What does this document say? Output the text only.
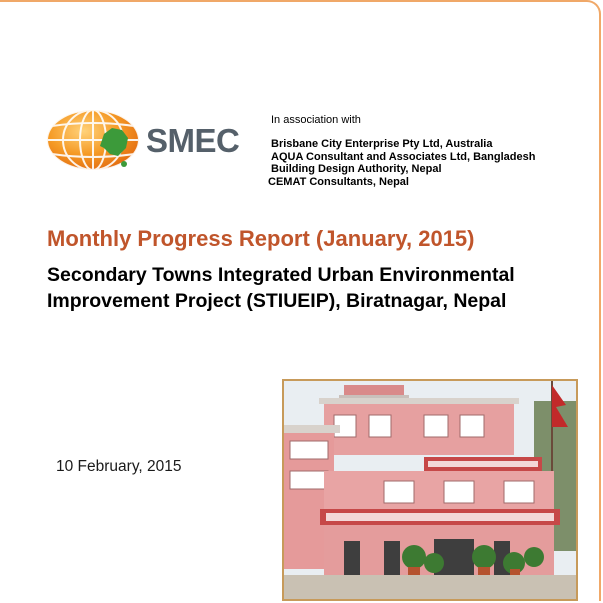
SMEC
In association with
Brisbane City Enterprise Pty Ltd, Australia
AQUA Consultant and Associates Ltd, Bangladesh
Building Design Authority, Nepal
CEMAT Consultants, Nepal
Monthly Progress Report (January, 2015)
Secondary Towns Integrated Urban Environmental
Improvement Project (STIUEIP), Biratnagar, Nepal
10 February, 2015
